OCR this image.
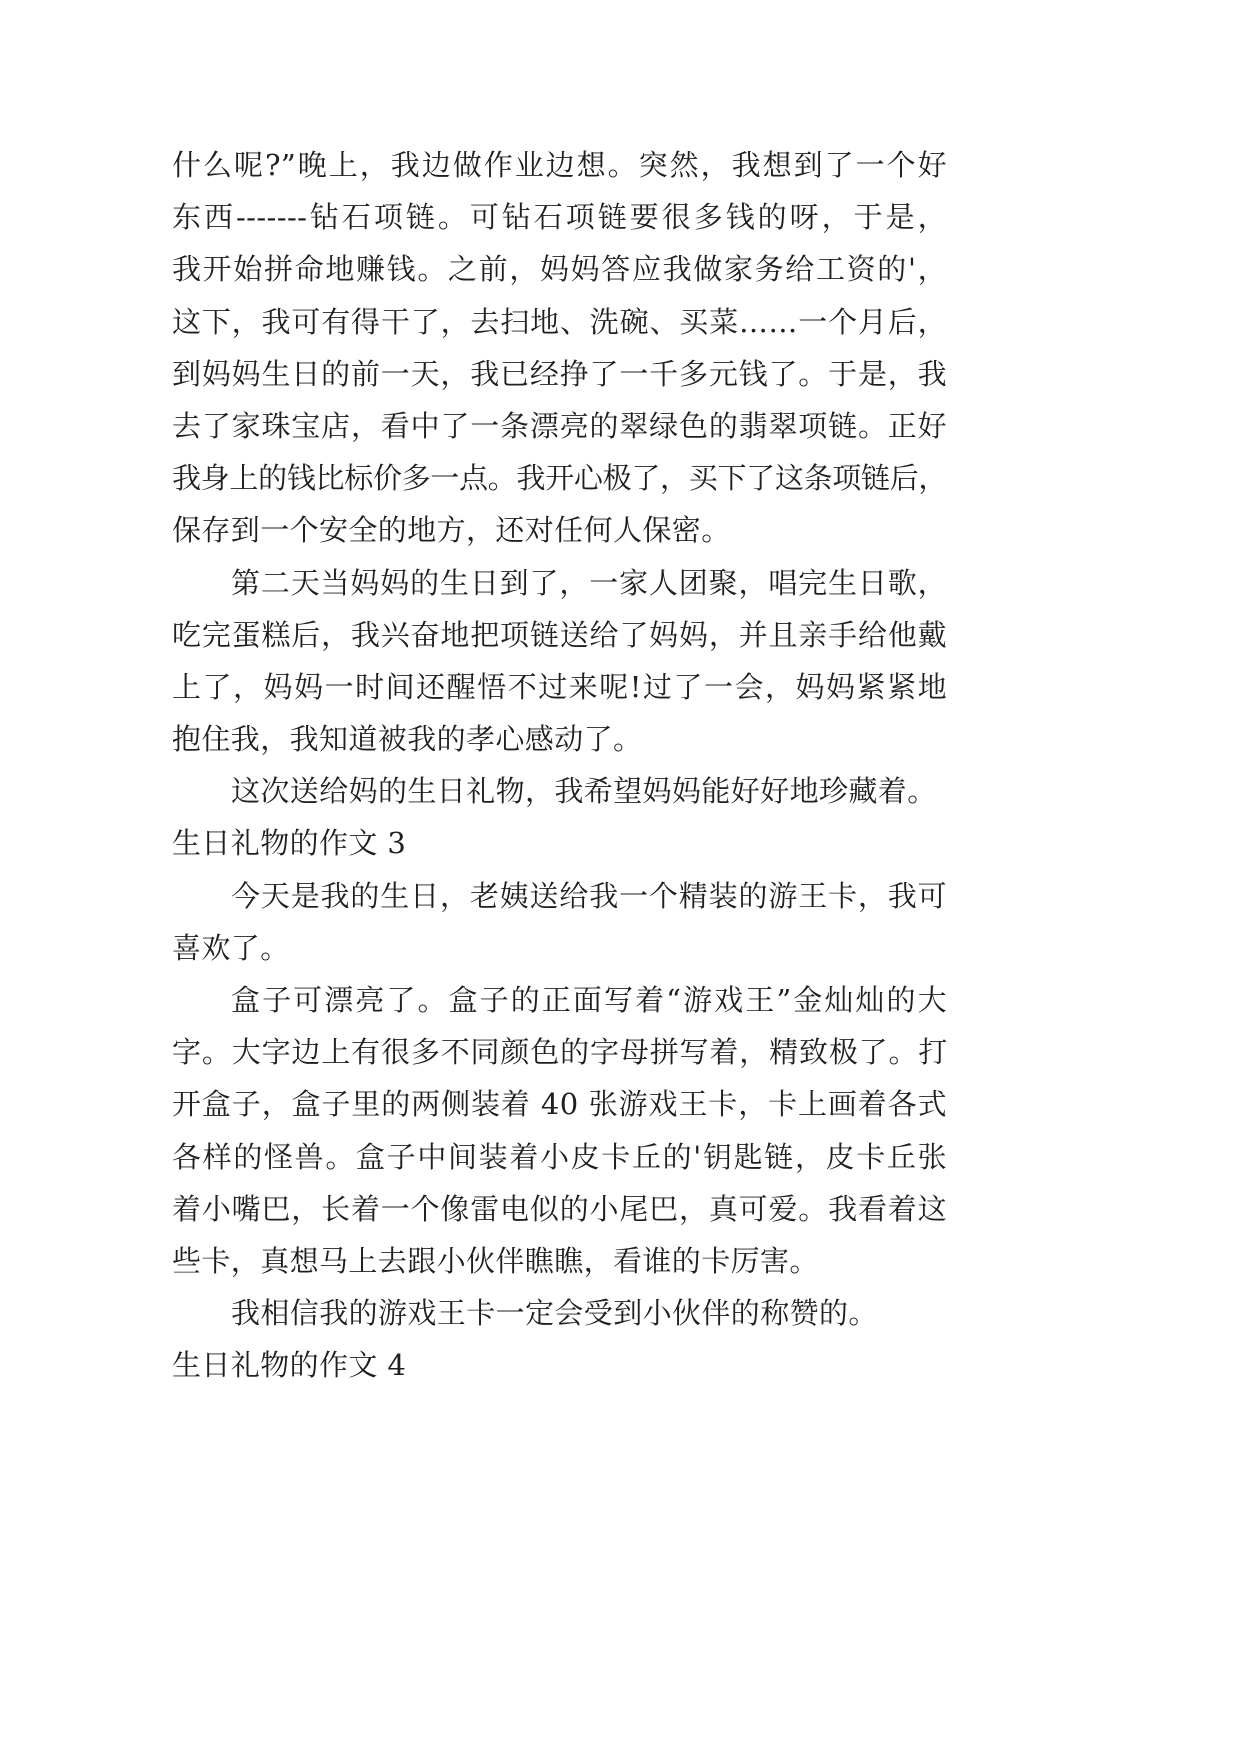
什么呢?”晚上，我边做作业边想。突然，我想到了一个好
东西-------钻石项链。可钻石项链要很多钱的呀，于是，
我开始拼命地赚钱。之前，妈妈答应我做家务给工资的'，
这下，我可有得干了，去扫地、洗碗、买菜……一个月后，
到妈妈生日的前一天，我已经挣了一千多元钱了。于是，我
去了家珠宝店，看中了一条漂亮的翠绿色的翡翠项链。正好
我身上的钱比标价多一点。我开心极了，买下了这条项链后，
保存到一个安全的地方，还对任何人保密。
第二天当妈妈的生日到了，一家人团聚，唱完生日歌，
吃完蛋糕后，我兴奋地把项链送给了妈妈，并且亲手给他戴
上了，妈妈一时间还醒悟不过来呢!过了一会，妈妈紧紧地
抱住我，我知道被我的孝心感动了。
这次送给妈的生日礼物，我希望妈妈能好好地珍藏着。
生日礼物的作文 3
今天是我的生日，老姨送给我一个精装的游王卡，我可
喜欢了。
盒子可漂亮了。盒子的正面写着“游戏王”金灿灿的大
字。大字边上有很多不同颜色的字母拼写着，精致极了。打
开盒子，盒子里的两侧装着 40 张游戏王卡，卡上画着各式
各样的怪兽。盒子中间装着小皮卡丘的'钥匙链，皮卡丘张
着小嘴巴，长着一个像雷电似的小尾巴，真可爱。我看着这
些卡，真想马上去跟小伙伴瞧瞧，看谁的卡厉害。
我相信我的游戏王卡一定会受到小伙伴的称赞的。
生日礼物的作文 4
